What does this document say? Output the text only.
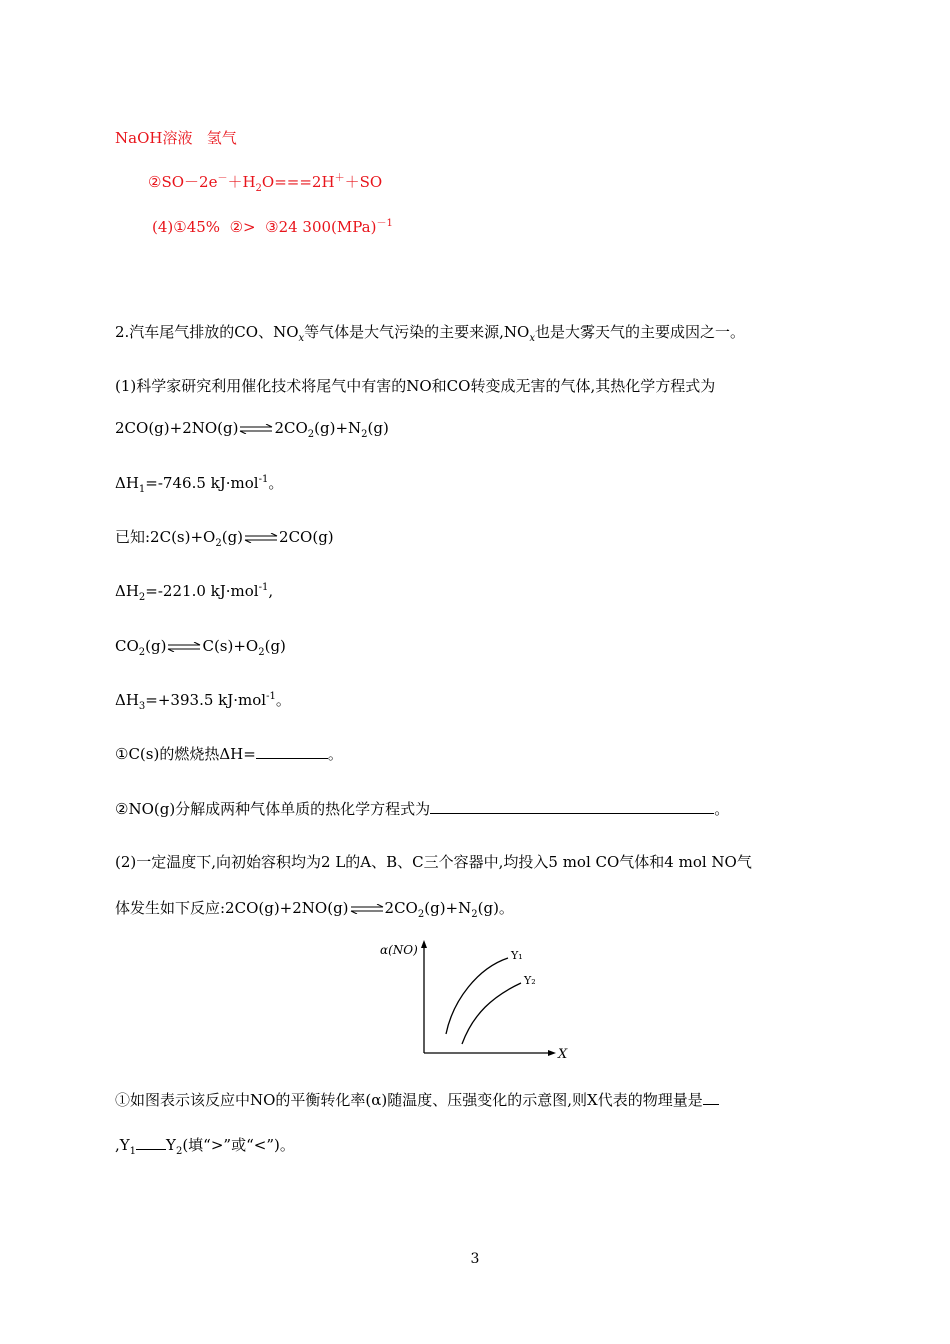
NaOH溶液   氢气
$②SO-2e^-+H_2O===2H^++SO$
(4)①45%  ②>  ③24 300(MPa)$^{-1}$
2.汽车尾气排放的CO、$NO_x$等气体是大气污染的主要来源$,NO_x$也是大雾天气的主要成因之一。
(1)科学家研究利用催化技术将尾气中有害的NO和CO转变成无害的气体,其热化学方程式为
$2CO(g)+2NO(g)\rightleftharpoons 2CO_2(g)+N_2(g)$
$\Delta H_1=-746.5$ kJ·mol$^{-1}$。
已知$:2C(s)+O_2(g)\rightleftharpoons 2CO(g)$
$\Delta H_2=-221.0$ kJ·mol$^{-1}$,
$CO_2(g)\rightleftharpoons C(s)+O_2(g)$
$\Delta H_3=+393.5$ kJ·mol$^{-1}$。
①C(s)的燃烧热ΔH=	。
②NO(g)分解成两种气体单质的热化学方程式为	。
(2)一定温度下,向初始容积均为2 L的A、B、C三个容器中,均投入5 mol CO气体和4 mol NO气
体发生如下反应$:2CO(g)+2NO(g)\rightleftharpoons 2CO_2(g)+N_2(g)$。
α(NO)
X
Y₁
Y₂
①如图表示该反应中NO的平衡转化率(α)随温度、压强变化的示意图,则X代表的物理量是
$,Y_1$ $Y_2$(填“>”或“<”)。
3
